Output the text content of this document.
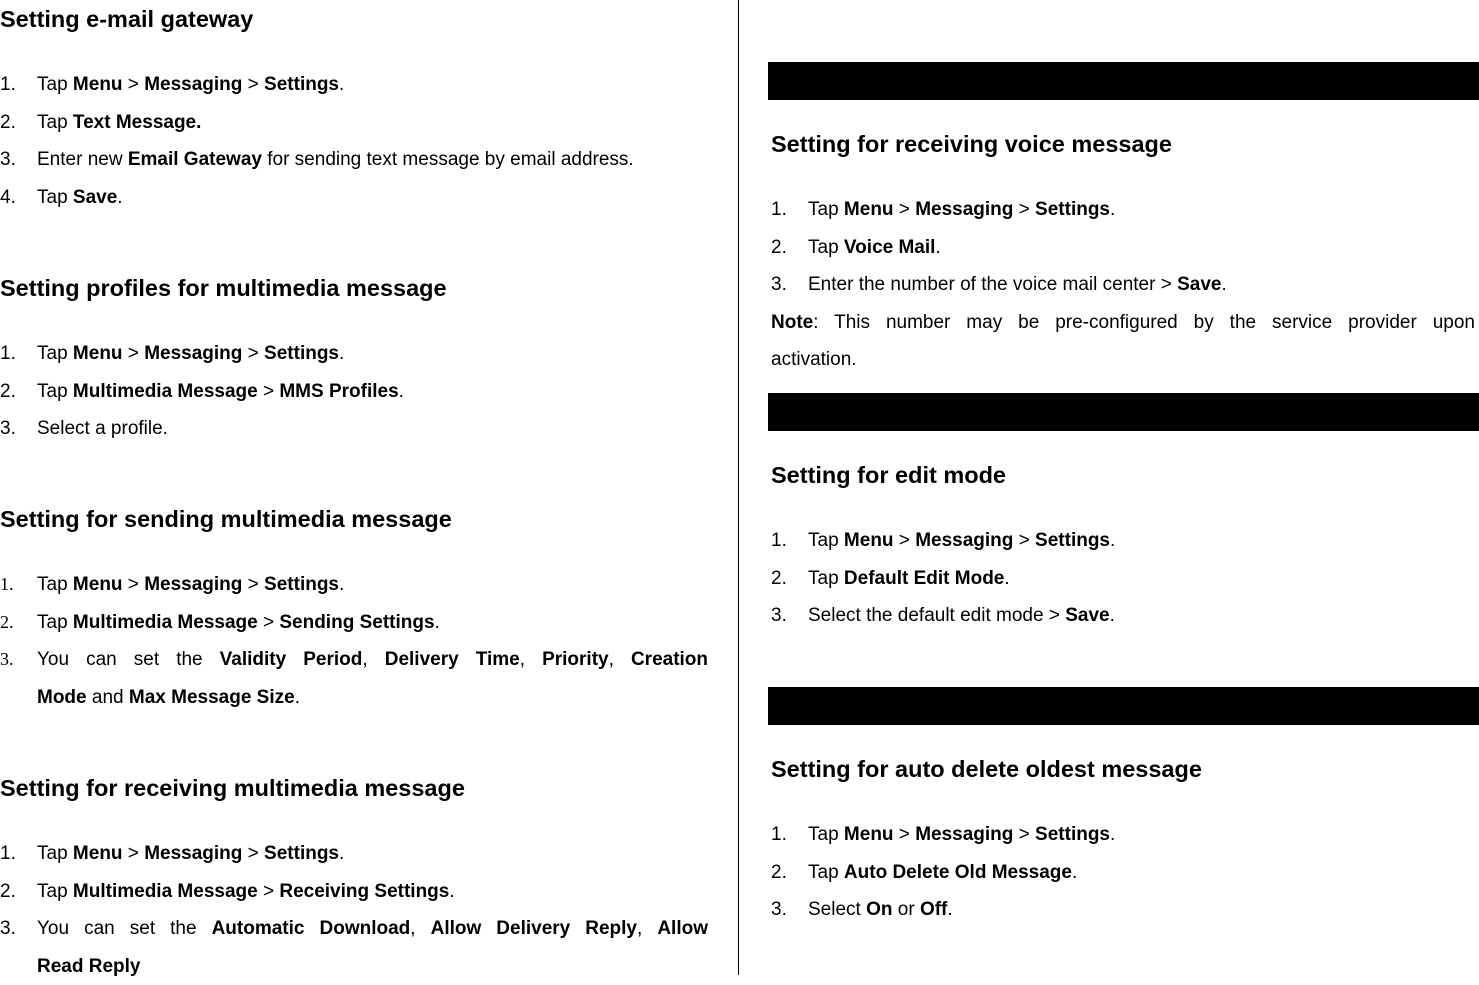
Setting e-mail gateway
1. Tap Menu > Messaging > Settings.
2. Tap Text Message.
3. Enter new Email Gateway for sending text message by email address.
4. Tap Save.
Setting profiles for multimedia message
1. Tap Menu > Messaging > Settings.
2. Tap Multimedia Message > MMS Profiles.
3. Select a profile.
Setting for sending multimedia message
1. Tap Menu > Messaging > Settings.
2. Tap Multimedia Message > Sending Settings.
3. You can set the Validity Period, Delivery Time, Priority, Creation
Mode and Max Message Size.
Setting for receiving multimedia message
1. Tap Menu > Messaging > Settings.
2. Tap Multimedia Message > Receiving Settings.
3. You can set the Automatic Download, Allow Delivery Reply, Allow
Read Reply
Setting for receiving voice message
1. Tap Menu > Messaging > Settings.
2. Tap Voice Mail.
3. Enter the number of the voice mail center > Save.
Note: This number may be pre-configured by the service provider upon
activation.
Setting for edit mode
1. Tap Menu > Messaging > Settings.
2. Tap Default Edit Mode.
3. Select the default edit mode > Save.
Setting for auto delete oldest message
1. Tap Menu > Messaging > Settings.
2. Tap Auto Delete Old Message.
3. Select On or Off.
